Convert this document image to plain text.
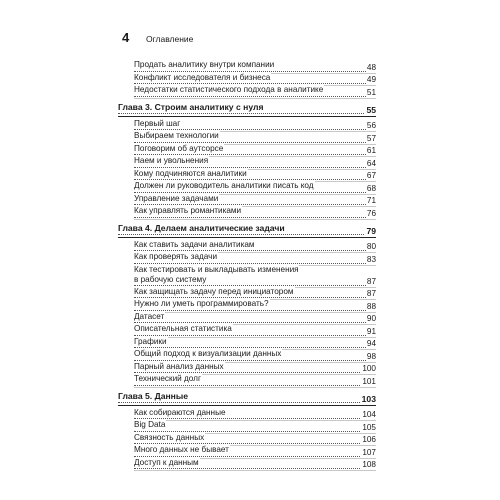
4	Оглавление
Продать аналитику внутри компании	48
Конфликт исследователя и бизнеса	49
Недостатки статистического подхода в аналитике	51
Глава 3. Строим аналитику с нуля	55
Первый шаг	56
Выбираем технологии	57
Поговорим об аутсорсе	61
Наем и увольнения	64
Кому подчиняются аналитики	67
Должен ли руководитель аналитики писать код	68
Управление задачами	71
Как управлять романтиками	76
Глава 4. Делаем аналитические задачи	79
Как ставить задачи аналитикам	80
Как проверять задачи	83
Как тестировать и выкладывать изменения
в рабочую систему	87
Как защищать задачу перед инициатором	87
Нужно ли уметь программировать?	88
Датасет	90
Описательная статистика	91
Графики	94
Общий подход к визуализации данных	98
Парный анализ данных	100
Технический долг	101
Глава 5. Данные	103
Как собираются данные	104
Big Data	105
Связность данных	106
Много данных не бывает	107
Доступ к данным	108
